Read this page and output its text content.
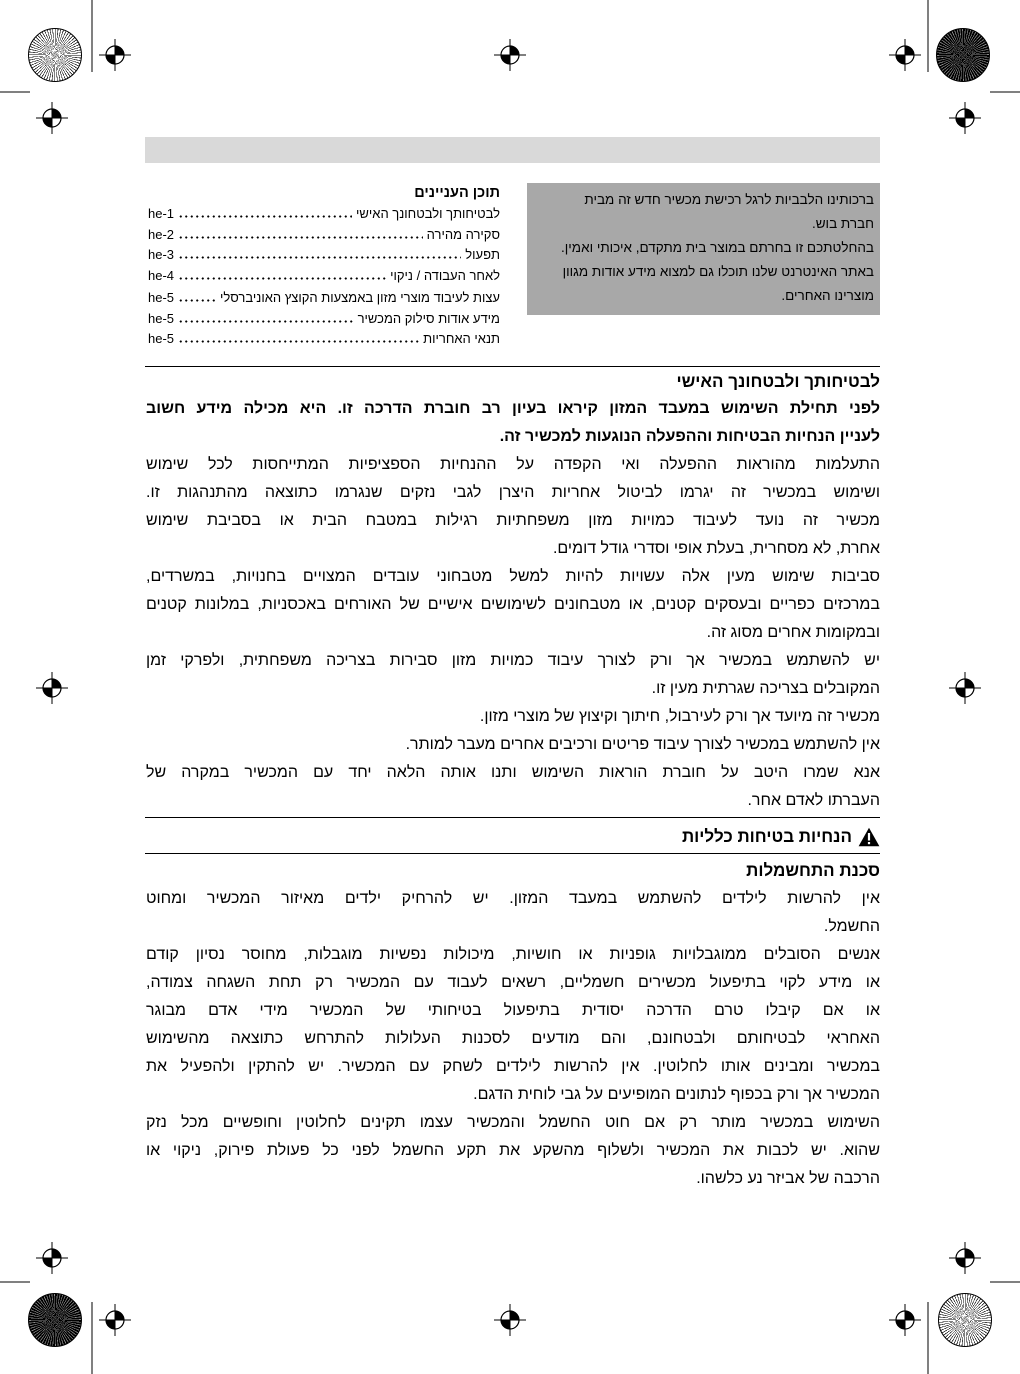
ברכותינו הלבביות לרגל רכישת מכשיר חדש זה מבית
חברת בוש.
בהחלטתכם זו בחרתם במוצר בית מתקדם, איכותי ואמין.
באתר האינטרנט שלנו תוכלו גם למצוא מידע אודות מגוון
מוצרינו האחרים.
תוכן העניינים
לבטיחותך ולבטחונך האישי
he-1
סקירה מהירה
he-2
תפעול
he-3
לאחר העבודה / ניקוי
he-4
עצות לעיבוד מוצרי מזון באמצעות הקוצץ האוניברסלי
he-5
מידע אודות סילוק המכשיר
he-5
תנאי האחריות
he-5
לבטיחותך ולבטחונך האישי
לפני תחילת השימוש במעבד המזון קיראו בעיון רב חוברת הדרכה זו. היא מכילה מידע חשוב
לעניין הנחיות הבטיחות וההפעלה הנוגעות למכשיר זה.
התעלמות מהוראות ההפעלה ואי הקפדה על ההנחיות הספציפיות המתייחסות לכל שימוש
ושימוש במכשיר זה יגרמו לביטול אחריות היצרן לגבי נזקים שנגרמו כתוצאה מהתנהגות זו.
מכשיר זה נועד לעיבוד כמויות מזון משפחתיות רגילות במטבח הבית או בסביבת שימוש
אחרת, לא מסחרית, בעלת אופי וסדרי גודל דומים.
סביבות שימוש מעין אלה עשויות להיות למשל מטבחוני עובדים המצויים בחנויות, במשרדים,
במרכזים כפריים ובעסקים קטנים, או מטבחונים לשימושים אישיים של האורחים באכסניות, במלונות קטנים
ובמקומות אחרים מסוג זה.
יש להשתמש במכשיר אך ורק לצורך עיבוד כמויות מזון סבירות בצריכה משפחתית, ולפרקי זמן
המקובלים בצריכה שגרתית מעין זו.
מכשיר זה מיועד אך ורק לעירבול, חיתוך וקיצוץ של מוצרי מזון.
אין להשתמש במכשיר לצורך עיבוד פריטים ורכיבים אחרים מעבר למותר.
אנא שמרו היטב על חוברת הוראות השימוש ותנו אותה הלאה יחד עם המכשיר במקרה של
העברתו לאדם אחר.
הנחיות בטיחות כלליות
סכנת התחשמלות
אין להרשות לילדים להשתמש במעבד המזון. יש להרחיק ילדים מאיזור המכשיר ומחוט
החשמל.
אנשים הסובלים ממוגבלויות גופניות או חושיות, מיכולות נפשיות מוגבלות, מחוסר נסיון קודם
או מידע לקוי בתיפעול מכשירים חשמליים, רשאים לעבוד עם המכשיר רק תחת השגחה צמודה,
או אם קיבלו טרם הדרכה יסודית בתיפעול בטיחותי של המכשיר מידי אדם מבוגר
האחראי לבטיחותם ולבטחונם, והם מודעים לסכנות העלולות להתרחש כתוצאה מהשימוש
במכשיר ומבינים אותו לחלוטין. אין להרשות לילדים לשחק עם המכשיר. יש להתקין ולהפעיל את
המכשיר אך ורק בכפוף לנתונים המופיעים על גבי לוחית הדגם.
השימוש במכשיר מותר רק אם חוט החשמל והמכשיר עצמו תקינים לחלוטין וחופשיים מכל נזק
שהוא. יש לכבות את המכשיר ולשלוף מהשקע את תקע החשמל לפני כל פעולת פירוק, ניקוי או
הרכבה של אביזר נע כלשהו.
